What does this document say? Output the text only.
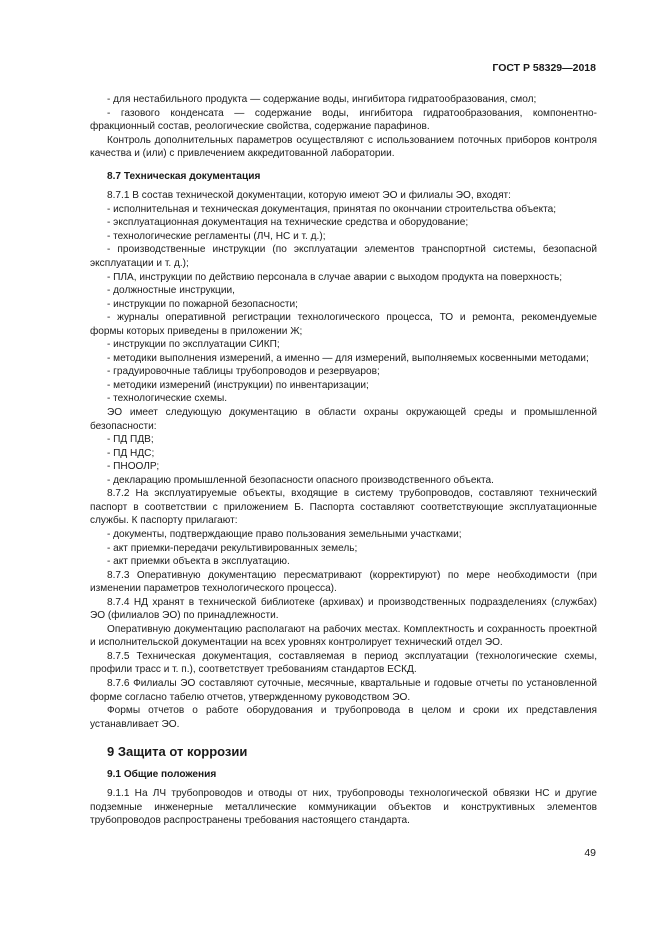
ГОСТ Р 58329—2018

- для нестабильного продукта — содержание воды, ингибитора гидратообразования, смол;

- газового конденсата — содержание воды, ингибитора гидратообразования, компонентно-фракционный состав, реологические свойства, содержание парафинов.

Контроль дополнительных параметров осуществляют с использованием поточных приборов контроля качества и (или) с привлечением аккредитованной лаборатории.

8.7 Техническая документация

8.7.1 В состав технической документации, которую имеют ЭО и филиалы ЭО, входят:

- исполнительная и техническая документация, принятая по окончании строительства объекта;

- эксплуатационная документация на технические средства и оборудование;

- технологические регламенты (ЛЧ, НС и т. д.);

- производственные инструкции (по эксплуатации элементов транспортной системы, безопасной эксплуатации и т. д.);

- ПЛА, инструкции по действию персонала в случае аварии с выходом продукта на поверхность;

- должностные инструкции,

- инструкции по пожарной безопасности;

- журналы оперативной регистрации технологического процесса, ТО и ремонта, рекомендуемые формы которых приведены в приложении Ж;

- инструкции по эксплуатации СИКП;

- методики выполнения измерений, а именно — для измерений, выполняемых косвенными методами;

- градуировочные таблицы трубопроводов и резервуаров;

- методики измерений (инструкции) по инвентаризации;

- технологические схемы.

ЭО имеет следующую документацию в области охраны окружающей среды и промышленной безопасности:

- ПД ПДВ;

- ПД НДС;

- ПНООЛР;

- декларацию промышленной безопасности опасного производственного объекта.

8.7.2 На эксплуатируемые объекты, входящие в систему трубопроводов, составляют технический паспорт в соответствии с приложением Б. Паспорта составляют соответствующие эксплуатационные службы. К паспорту прилагают:

- документы, подтверждающие право пользования земельными участками;

- акт приемки-передачи рекультивированных земель;

- акт приемки объекта в эксплуатацию.

8.7.3 Оперативную документацию пересматривают (корректируют) по мере необходимости (при изменении параметров технологического процесса).

8.7.4 НД хранят в технической библиотеке (архивах) и производственных подразделениях (службах) ЭО (филиалов ЭО) по принадлежности.

Оперативную документацию располагают на рабочих местах. Комплектность и сохранность проектной и исполнительской документации на всех уровнях контролирует технический отдел ЭО.

8.7.5 Техническая документация, составляемая в период эксплуатации (технологические схемы, профили трасс и т. п.), соответствует требованиям стандартов ЕСКД.

8.7.6 Филиалы ЭО составляют суточные, месячные, квартальные и годовые отчеты по установленной форме согласно табелю отчетов, утвержденному руководством ЭО.

Формы отчетов о работе оборудования и трубопровода в целом и сроки их представления устанавливает ЭО.

9 Защита от коррозии

9.1 Общие положения

9.1.1 На ЛЧ трубопроводов и отводы от них, трубопроводы технологической обвязки НС и другие подземные инженерные металлические коммуникации объектов и конструктивных элементов трубопроводов распространены требования настоящего стандарта.

49
